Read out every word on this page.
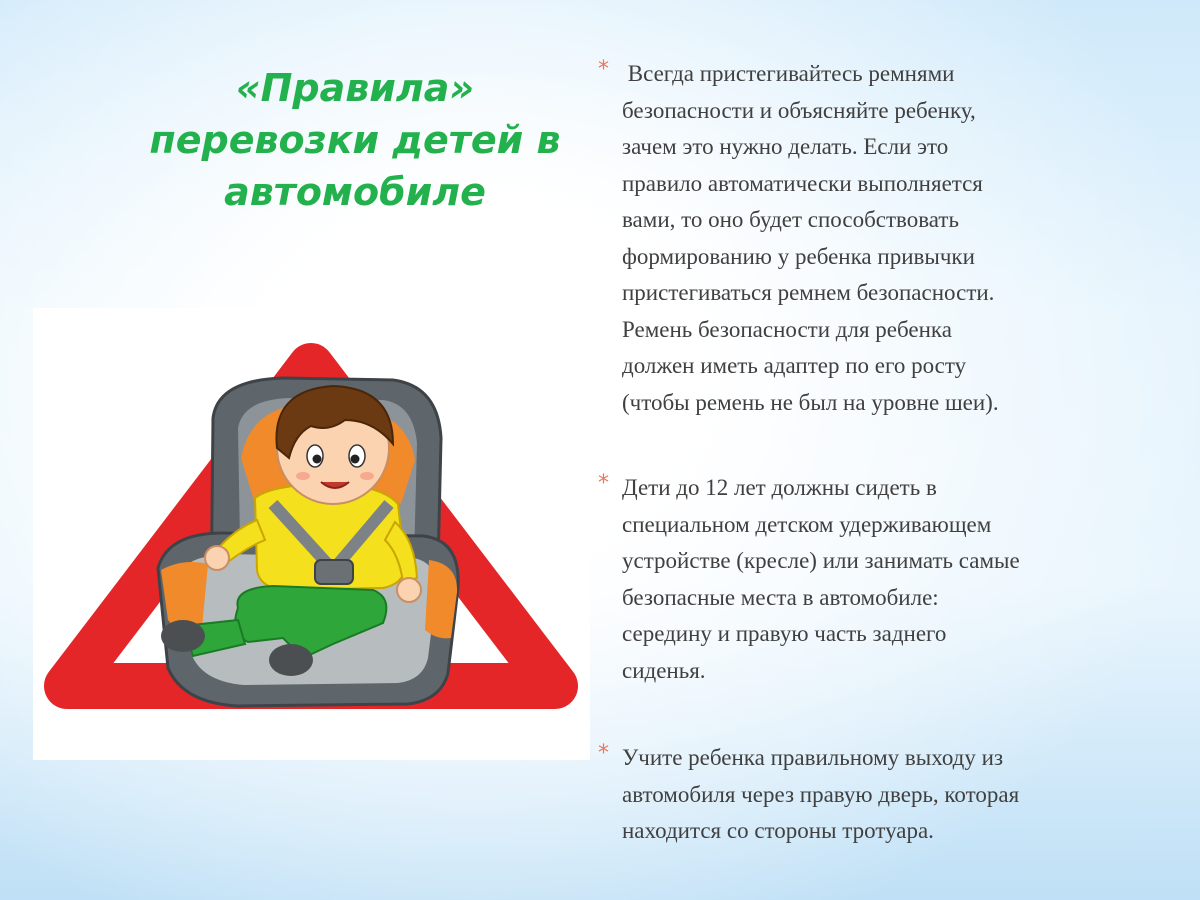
«Правила»
перевозки детей в
автомобиле
* Всегда пристегивайтесь ремнями
безопасности и объясняйте ребенку,
зачем это нужно делать. Если это
правило автоматически выполняется
вами, то оно будет способствовать
формированию у ребенка привычки
пристегиваться ремнем безопасности.
Ремень безопасности для ребенка
должен иметь адаптер по его росту
(чтобы ремень не был на уровне шеи).
* Дети до 12 лет должны сидеть в
специальном детском удерживающем
устройстве (кресле) или занимать самые
безопасные места в автомобиле:
середину и правую часть заднего
сиденья.
* Учите ребенка правильному выходу из
автомобиля через правую дверь, которая
находится со стороны тротуара.
